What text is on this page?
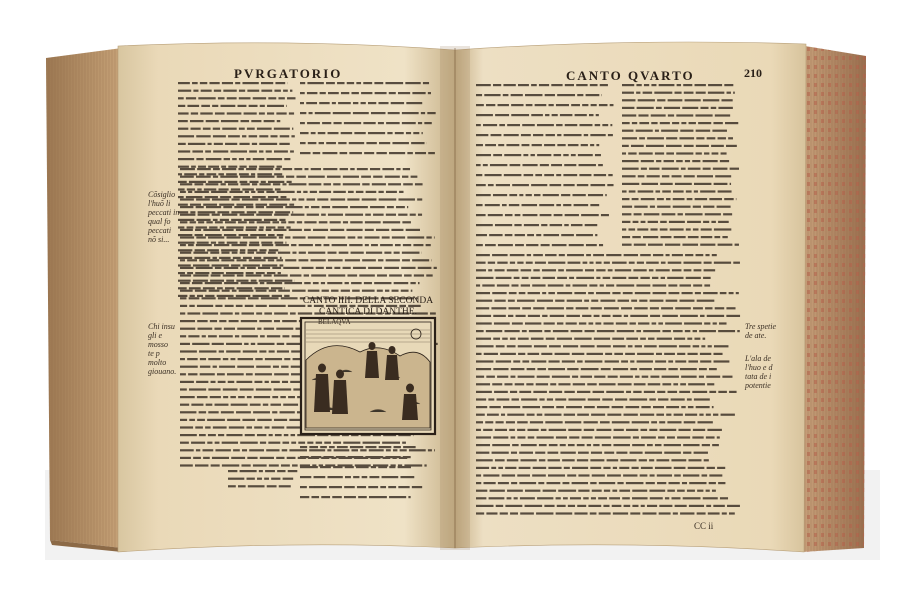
PVRGATORIO	CANTO QVARTO	210
CANTO IIII. DELLA SECONDA
CANTICA DI DANTHE.
BELAQVA
Cõsiglio
l'huõ li
peccati in
qual fo
peccati
nõ si...
Chi insu
gli e
mosso
te p
molto
giouano.
Tre spetie
de ate.
L'ala de
l'huo e d
tata de i
potentie
CC ii
